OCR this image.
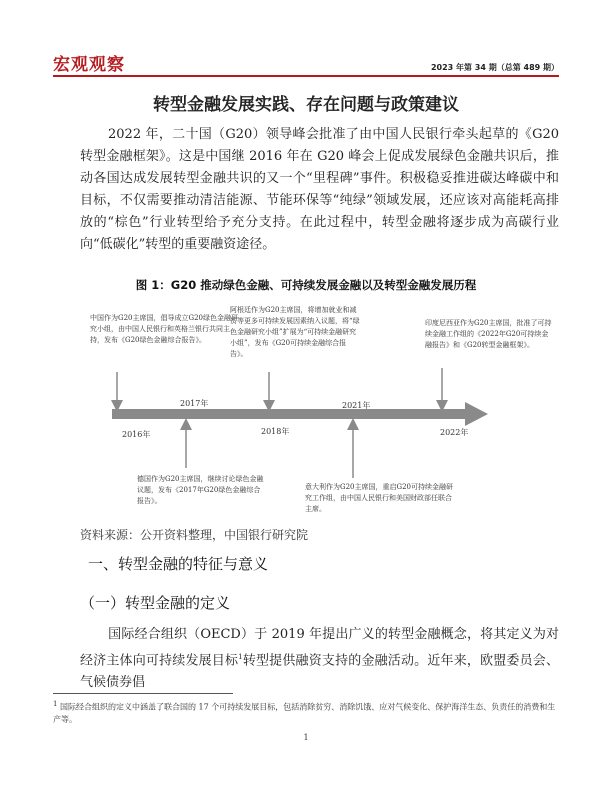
宏观观察	2023 年第 34 期（总第 489 期）
转型金融发展实践、存在问题与政策建议
2022 年，二十国（G20）领导峰会批准了由中国人民银行牵头起草的《G20 转型金融框架》。这是中国继 2016 年在 G20 峰会上促成发展绿色金融共识后，推动各国达成发展转型金融共识的又一个“里程碑”事件。积极稳妥推进碳达峰碳中和目标，不仅需要推动清洁能源、节能环保等“纯绿”领域发展，还应该对高能耗高排放的“棕色”行业转型给予充分支持。在此过程中，转型金融将逐步成为高碳行业向“低碳化”转型的重要融资途径。
图 1：G20 推动绿色金融、可持续发展金融以及转型金融发展历程
中国作为G20主席国，倡导成立G20绿色金融研究小组，由中国人民银行和英格兰银行共同主持，发布《G20绿色金融综合报告》。
阿根廷作为G20主席国，将增加就业和减贫等更多可持续发展因素纳入议题，将“绿色金融研究小组”扩展为“可持续金融研究小组”，发布《G20可持续金融综合报告》。
印度尼西亚作为G20主席国，批准了可持续金融工作组的《2022年G20可持续金融报告》和《G20转型金融框架》。
2017年	2021年
2016年	2018年	2022年
德国作为G20主席国，继续讨论绿色金融议题，发布《2017年G20绿色金融综合报告》。
意大利作为G20主席国，重启G20可持续金融研究工作组，由中国人民银行和美国财政部任联合主席。
资料来源：公开资料整理，中国银行研究院
一、转型金融的特征与意义
（一）转型金融的定义
国际经合组织（OECD）于 2019 年提出广义的转型金融概念，将其定义为对经济主体向可持续发展目标$^1$转型提供融资支持的金融活动。近年来，欧盟委员会、气候债券倡
$^1$ 国际经合组织的定义中涵盖了联合国的 17 个可持续发展目标，包括消除贫穷、消除饥饿、应对气候变化、保护海洋生态、负责任的消费和生产等。
1
